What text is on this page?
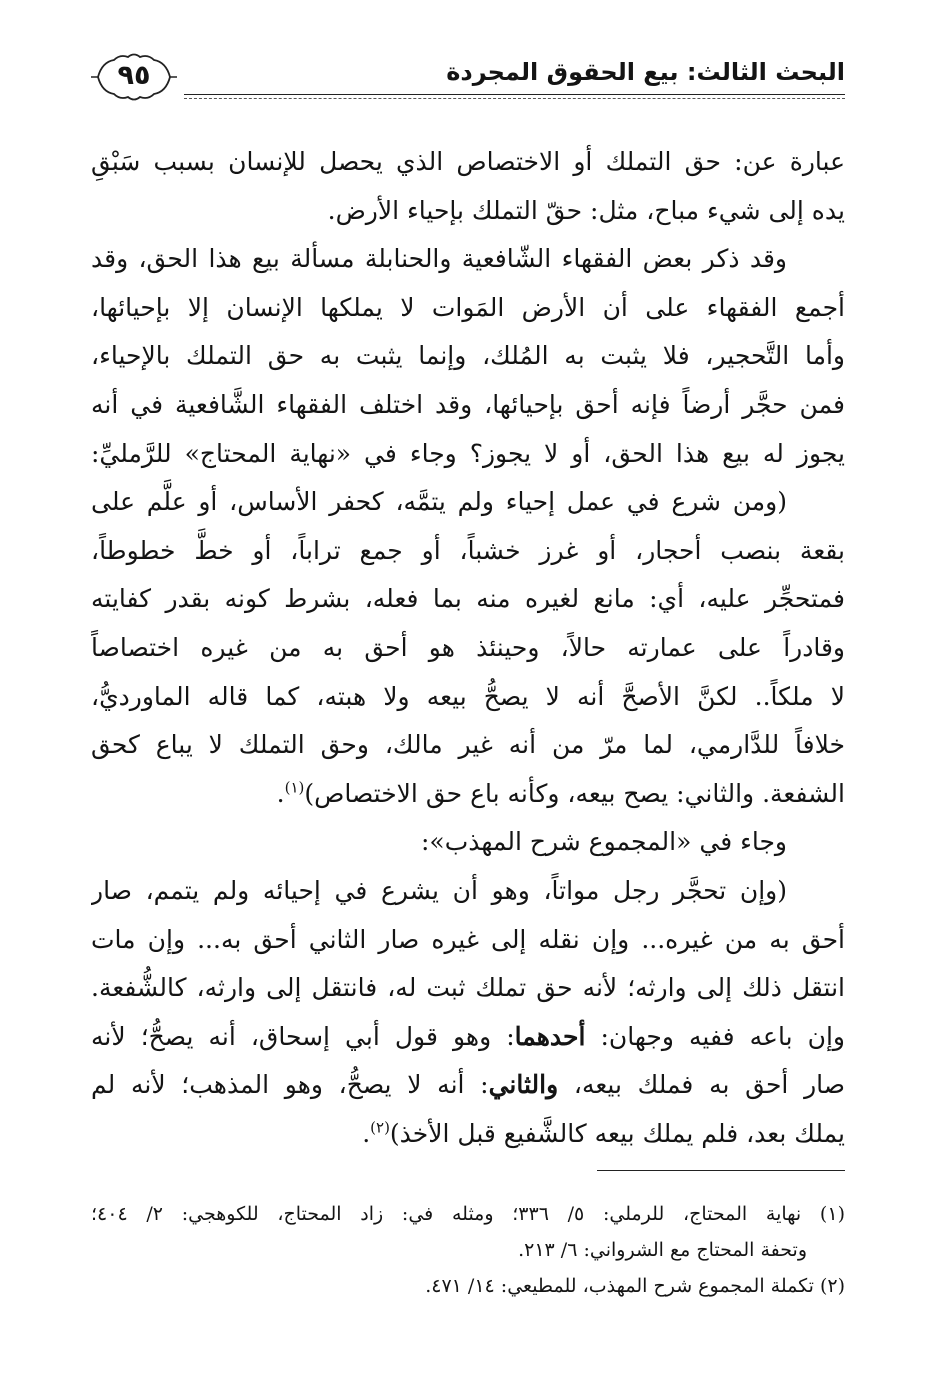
البحث الثالث: بيع الحقوق المجردة
٩٥
عبارة عن: حق التملك أو الاختصاص الذي يحصل للإنسان بسبب سَبْقِ
يده إلى شيء مباح، مثل: حقّ التملك بإحياء الأرض.
وقد ذكر بعض الفقهاء الشّافعية والحنابلة مسألة بيع هذا الحق، وقد
أجمع الفقهاء على أن الأرض المَوات لا يملكها الإنسان إلا بإحيائها،
وأما التَّحجير، فلا يثبت به المُلك، وإنما يثبت به حق التملك بالإحياء،
فمن حجَّر أرضاً فإنه أحق بإحيائها، وقد اختلف الفقهاء الشَّافعية في أنه
يجوز له بيع هذا الحق، أو لا يجوز؟ وجاء في «نهاية المحتاج» للرَّمليِّ:
(ومن شرع في عمل إحياء ولم يتمَّه، كحفر الأساس، أو علَّم على
بقعة بنصب أحجار، أو غرز خشباً، أو جمع تراباً، أو خطَّ خطوطاً،
فمتحجِّر عليه، أي: مانع لغيره منه بما فعله، بشرط كونه بقدر كفايته
وقادراً على عمارته حالاً، وحينئذ هو أحق به من غيره اختصاصاً
لا ملكاً.. لكنَّ الأصحَّ أنه لا يصحُّ بيعه ولا هبته، كما قاله الماورديُّ،
خلافاً للدَّارمي، لما مرّ من أنه غير مالك، وحق التملك لا يباع كحق
الشفعة. والثاني: يصح بيعه، وكأنه باع حق الاختصاص)$^{(١)}$.
وجاء في «المجموع شرح المهذب»:
(وإن تحجَّر رجل مواتاً، وهو أن يشرع في إحيائه ولم يتمم، صار
أحق به من غيره... وإن نقله إلى غيره صار الثاني أحق به... وإن مات
انتقل ذلك إلى وارثه؛ لأنه حق تملك ثبت له، فانتقل إلى وارثه، كالشُّفعة.
وإن باعه ففيه وجهان: أحدهما: وهو قول أبي إسحاق، أنه يصحُّ؛ لأنه
صار أحق به فملك بيعه، والثاني: أنه لا يصحُّ، وهو المذهب؛ لأنه لم
يملك بعد، فلم يملك بيعه كالشَّفيع قبل الأخذ)$^{(٢)}$.
(١) نهاية المحتاج، للرملي: ٥/ ٣٣٦؛ ومثله في: زاد المحتاج، للكوهجي: ٢/ ٤٠٤؛
وتحفة المحتاج مع الشرواني: ٦/ ٢١٣.
(٢) تكملة المجموع شرح المهذب، للمطيعي: ١٤/ ٤٧١.
